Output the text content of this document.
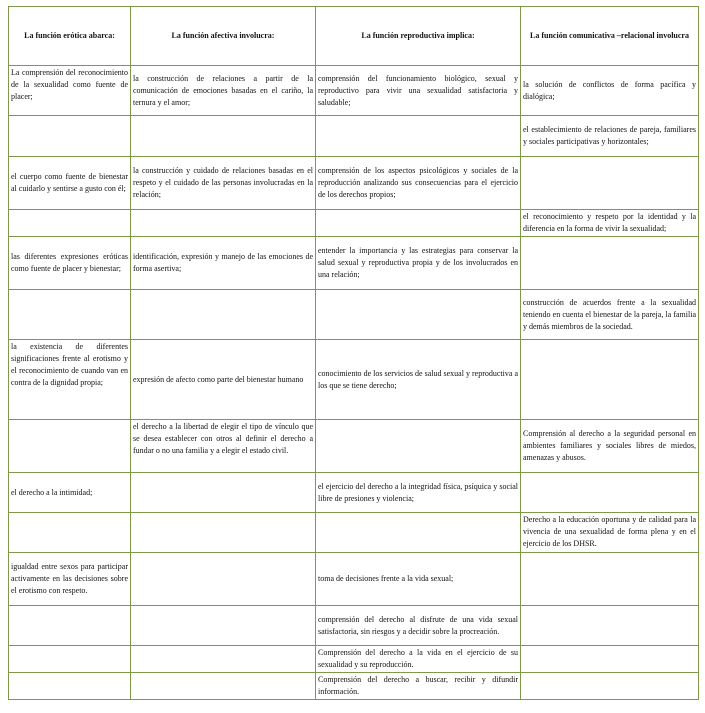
La función erótica abarca:	La función afectiva involucra:	La función reproductiva implica:	La función comunicativa –relacional involucra
La comprensión del reconocimiento de la sexualidad como fuente de placer;	la construcción de relaciones a partir de la comunicación de emociones basadas en el cariño, la ternura y el amor;	comprensión del funcionamiento biológico, sexual y reproductivo para vivir una sexualidad satisfactoria y saludable;	la solución de conflictos de forma pacífica y dialógica;
			el establecimiento de relaciones de pareja, familiares y sociales participativas y horizontales;
el cuerpo como fuente de bienestar al cuidarlo y sentirse a gusto con él;	la construcción y cuidado de relaciones basadas en el respeto y el cuidado de las personas involucradas en la relación;	comprensión de los aspectos psicológicos y sociales de la reproducción analizando sus consecuencias para el ejercicio de los derechos propios;	
			el reconocimiento y respeto por la identidad y la diferencia en la forma de vivir la sexualidad;
las diferentes expresiones eróticas como fuente de placer y bienestar;	identificación, expresión y manejo de las emociones de forma asertiva;	entender la importancia y las estrategias para conservar la salud sexual y reproductiva propia y de los involucrados en una relación;	
			construcción de acuerdos frente a la sexualidad teniendo en cuenta el bienestar de la pareja, la familia y demás miembros de la sociedad.
la existencia de diferentes significaciones frente al erotismo y el reconocimiento de cuando van en contra de la dignidad propia;	expresión de afecto como parte del bienestar humano	conocimiento de los servicios de salud sexual y reproductiva a los que se tiene derecho;	
	el derecho a la libertad de elegir el tipo de vínculo que se desea establecer con otros al definir el derecho a fundar o no una familia y a elegir el estado civil.		Comprensión al derecho a la seguridad personal en ambientes familiares y sociales libres de miedos, amenazas y abusos.
el derecho a la intimidad;		el ejercicio del derecho a la integridad física, psíquica y social libre de presiones y violencia;	
			Derecho a la educación oportuna y de calidad para la vivencia de una sexualidad de forma plena y en el ejercicio de los DHSR.
igualdad entre sexos para participar activamente en las decisiones sobre el erotismo con respeto.		toma de decisiones frente a la vida sexual;	
		comprensión del derecho al disfrute de una vida sexual satisfactoria, sin riesgos y a decidir sobre la procreación.	
		Comprensión del derecho a la vida en el ejercicio de su sexualidad y su reproducción.	
		Comprensión del derecho a buscar, recibir y difundir información.	
